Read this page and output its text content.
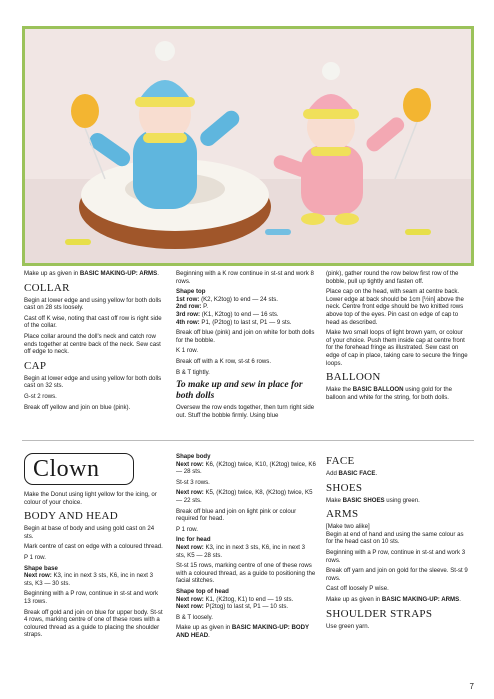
Make up as given in BASIC MAKING-UP: ARMS.

COLLAR

Begin at lower edge and using yellow for both dolls cast on 28 sts loosely.

Cast off K wise, noting that cast off row is right side of the collar.

Place collar around the doll's neck and catch row ends together at centre back of the neck. Sew cast off edge to neck.

CAP

Begin at lower edge and using yellow for both dolls cast on 32 sts.

G-st 2 rows.

Break off yellow and join on blue (pink).

Beginning with a K row continue in st-st and work 8 rows.

Shape top
1st row: (K2, K2tog) to end — 24 sts.
2nd row: P.
3rd row: (K1, K2tog) to end — 16 sts.

4th row: P1, (P2tog) to last st, P1 — 9 sts.

Break off blue (pink) and join on white for both dolls for the bobble.

K 1 row.

Break off with a K row, st-st 6 rows.

B & T tightly.

To make up and sew in place for both dolls

Oversew the row ends together, then turn right side out. Stuff the bobble firmly. Using blue

(pink), gather round the row below first row of the bobble, pull up tightly and fasten off.

Place cap on the head, with seam at centre back. Lower edge at back should be 1cm [½in] above the neck. Centre front edge should be two knitted rows above top of the eyes. Pin cast on edge of cap to head as described.

Make two small loops of light brown yarn, or colour of your choice. Push them inside cap at centre front for the forehead fringe as illustrated. Sew cast on edge of cap in place, taking care to secure the fringe loops.

BALLOON

Make the BASIC BALLOON using gold for the balloon and white for the string, for both dolls.

Clown

Make the Donut using light yellow for the icing, or colour of your choice.

BODY AND HEAD

Begin at base of body and using gold cast on 24 sts.

Mark centre of cast on edge with a coloured thread.

P 1 row.

Shape base

Next row: K3, inc in next 3 sts, K6, inc in next 3 sts, K3 — 30 sts.

Beginning with a P row, continue in st-st and work 13 rows.

Break off gold and join on blue for upper body. St-st 4 rows, marking centre of one of these rows with a coloured thread as a guide to placing the shoulder straps.

Shape body

Next row: K6, (K2tog) twice, K10, (K2tog) twice, K6 — 28 sts.

St-st 3 rows.

Next row: K5, (K2tog) twice, K8, (K2tog) twice, K5 — 22 sts.

Break off blue and join on light pink or colour required for head.

P 1 row.

Inc for head

Next row: K3, inc in next 3 sts, K6, inc in next 3 sts, K5 — 28 sts.

St-st 15 rows, marking centre of one of these rows with a coloured thread, as a guide to positioning the facial stitches.

Shape top of head
Next row: K1, (K2tog, K1) to end — 19 sts.

Next row: P(2tog) to last st, P1 — 10 sts.

B & T loosely.

Make up as given in BASIC MAKING-UP: BODY AND HEAD.

FACE

Add BASIC FACE.

SHOES

Make BASIC SHOES using green.

ARMS
[Make two alike]

Begin at end of hand and using the same colour as for the head cast on 10 sts.

Beginning with a P row, continue in st-st and work 3 rows.

Break off yarn and join on gold for the sleeve. St-st 9 rows.

Cast off loosely P wise.

Make up as given in BASIC MAKING-UP: ARMS.

SHOULDER STRAPS

Use green yarn.

7
